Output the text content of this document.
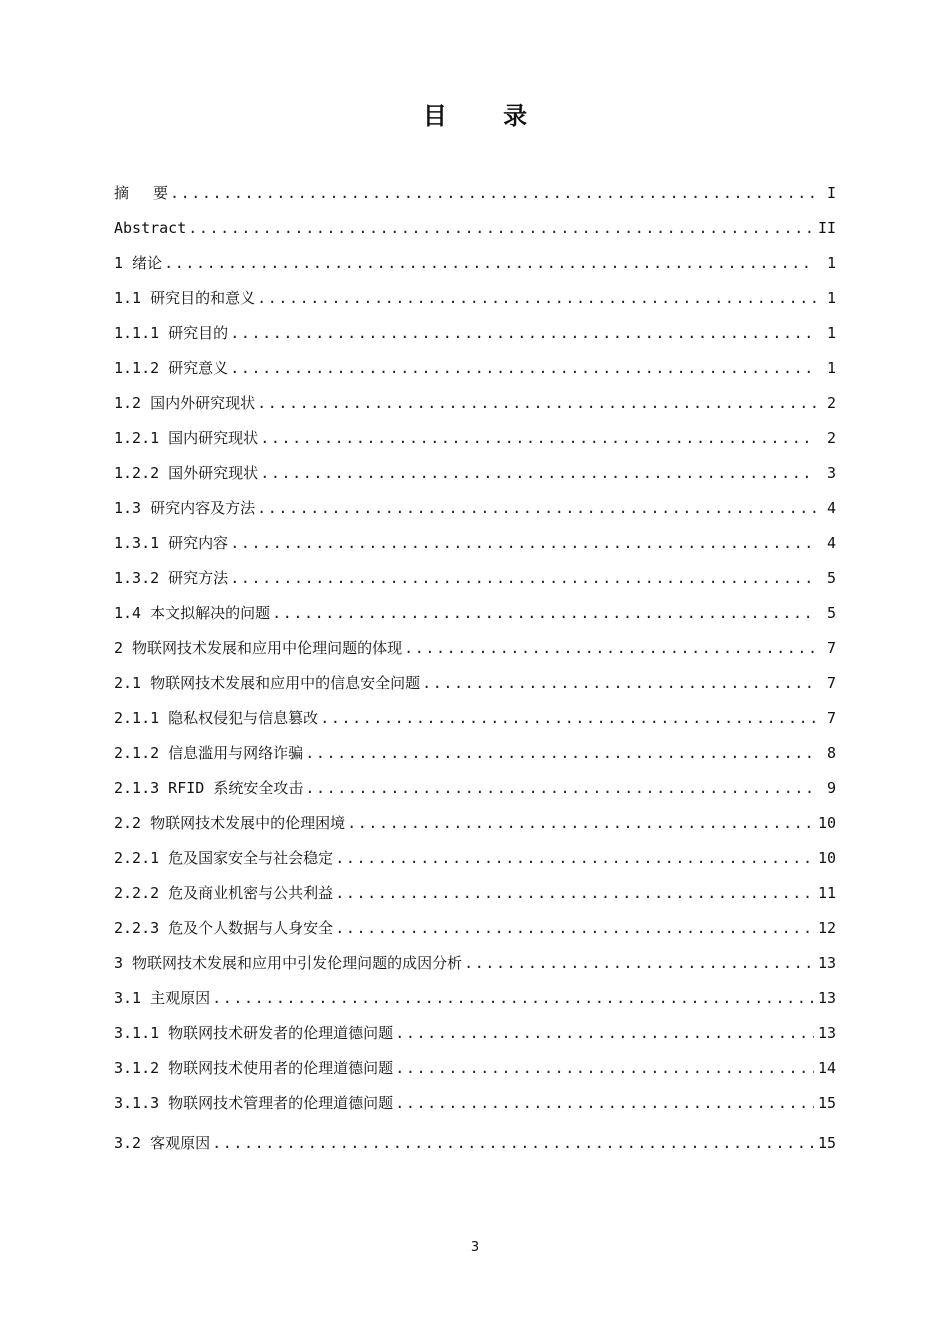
目 录
摘　 要 .....	I
Abstract .....	II
1 绪论 .....	1
1.1 研究目的和意义 .....	1
1.1.1 研究目的 .....	1
1.1.2 研究意义 .....	1
1.2 国内外研究现状 .....	2
1.2.1 国内研究现状 .....	2
1.2.2 国外研究现状 .....	3
1.3 研究内容及方法 .....	4
1.3.1 研究内容 .....	4
1.3.2 研究方法 .....	5
1.4 本文拟解决的问题 .....	5
2 物联网技术发展和应用中伦理问题的体现 .....	7
2.1 物联网技术发展和应用中的信息安全问题 .....	7
2.1.1 隐私权侵犯与信息篡改 .....	7
2.1.2 信息滥用与网络诈骗 .....	8
2.1.3 RFID 系统安全攻击 .....	9
2.2 物联网技术发展中的伦理困境 .....	10
2.2.1 危及国家安全与社会稳定 .....	10
2.2.2 危及商业机密与公共利益 .....	11
2.2.3 危及个人数据与人身安全 .....	12
3 物联网技术发展和应用中引发伦理问题的成因分析 .....	13
3.1 主观原因 .....	13
3.1.1 物联网技术研发者的伦理道德问题 .....	13
3.1.2 物联网技术使用者的伦理道德问题 .....	14
3.1.3 物联网技术管理者的伦理道德问题 .....	15
3.2 客观原因 .....	15
3
